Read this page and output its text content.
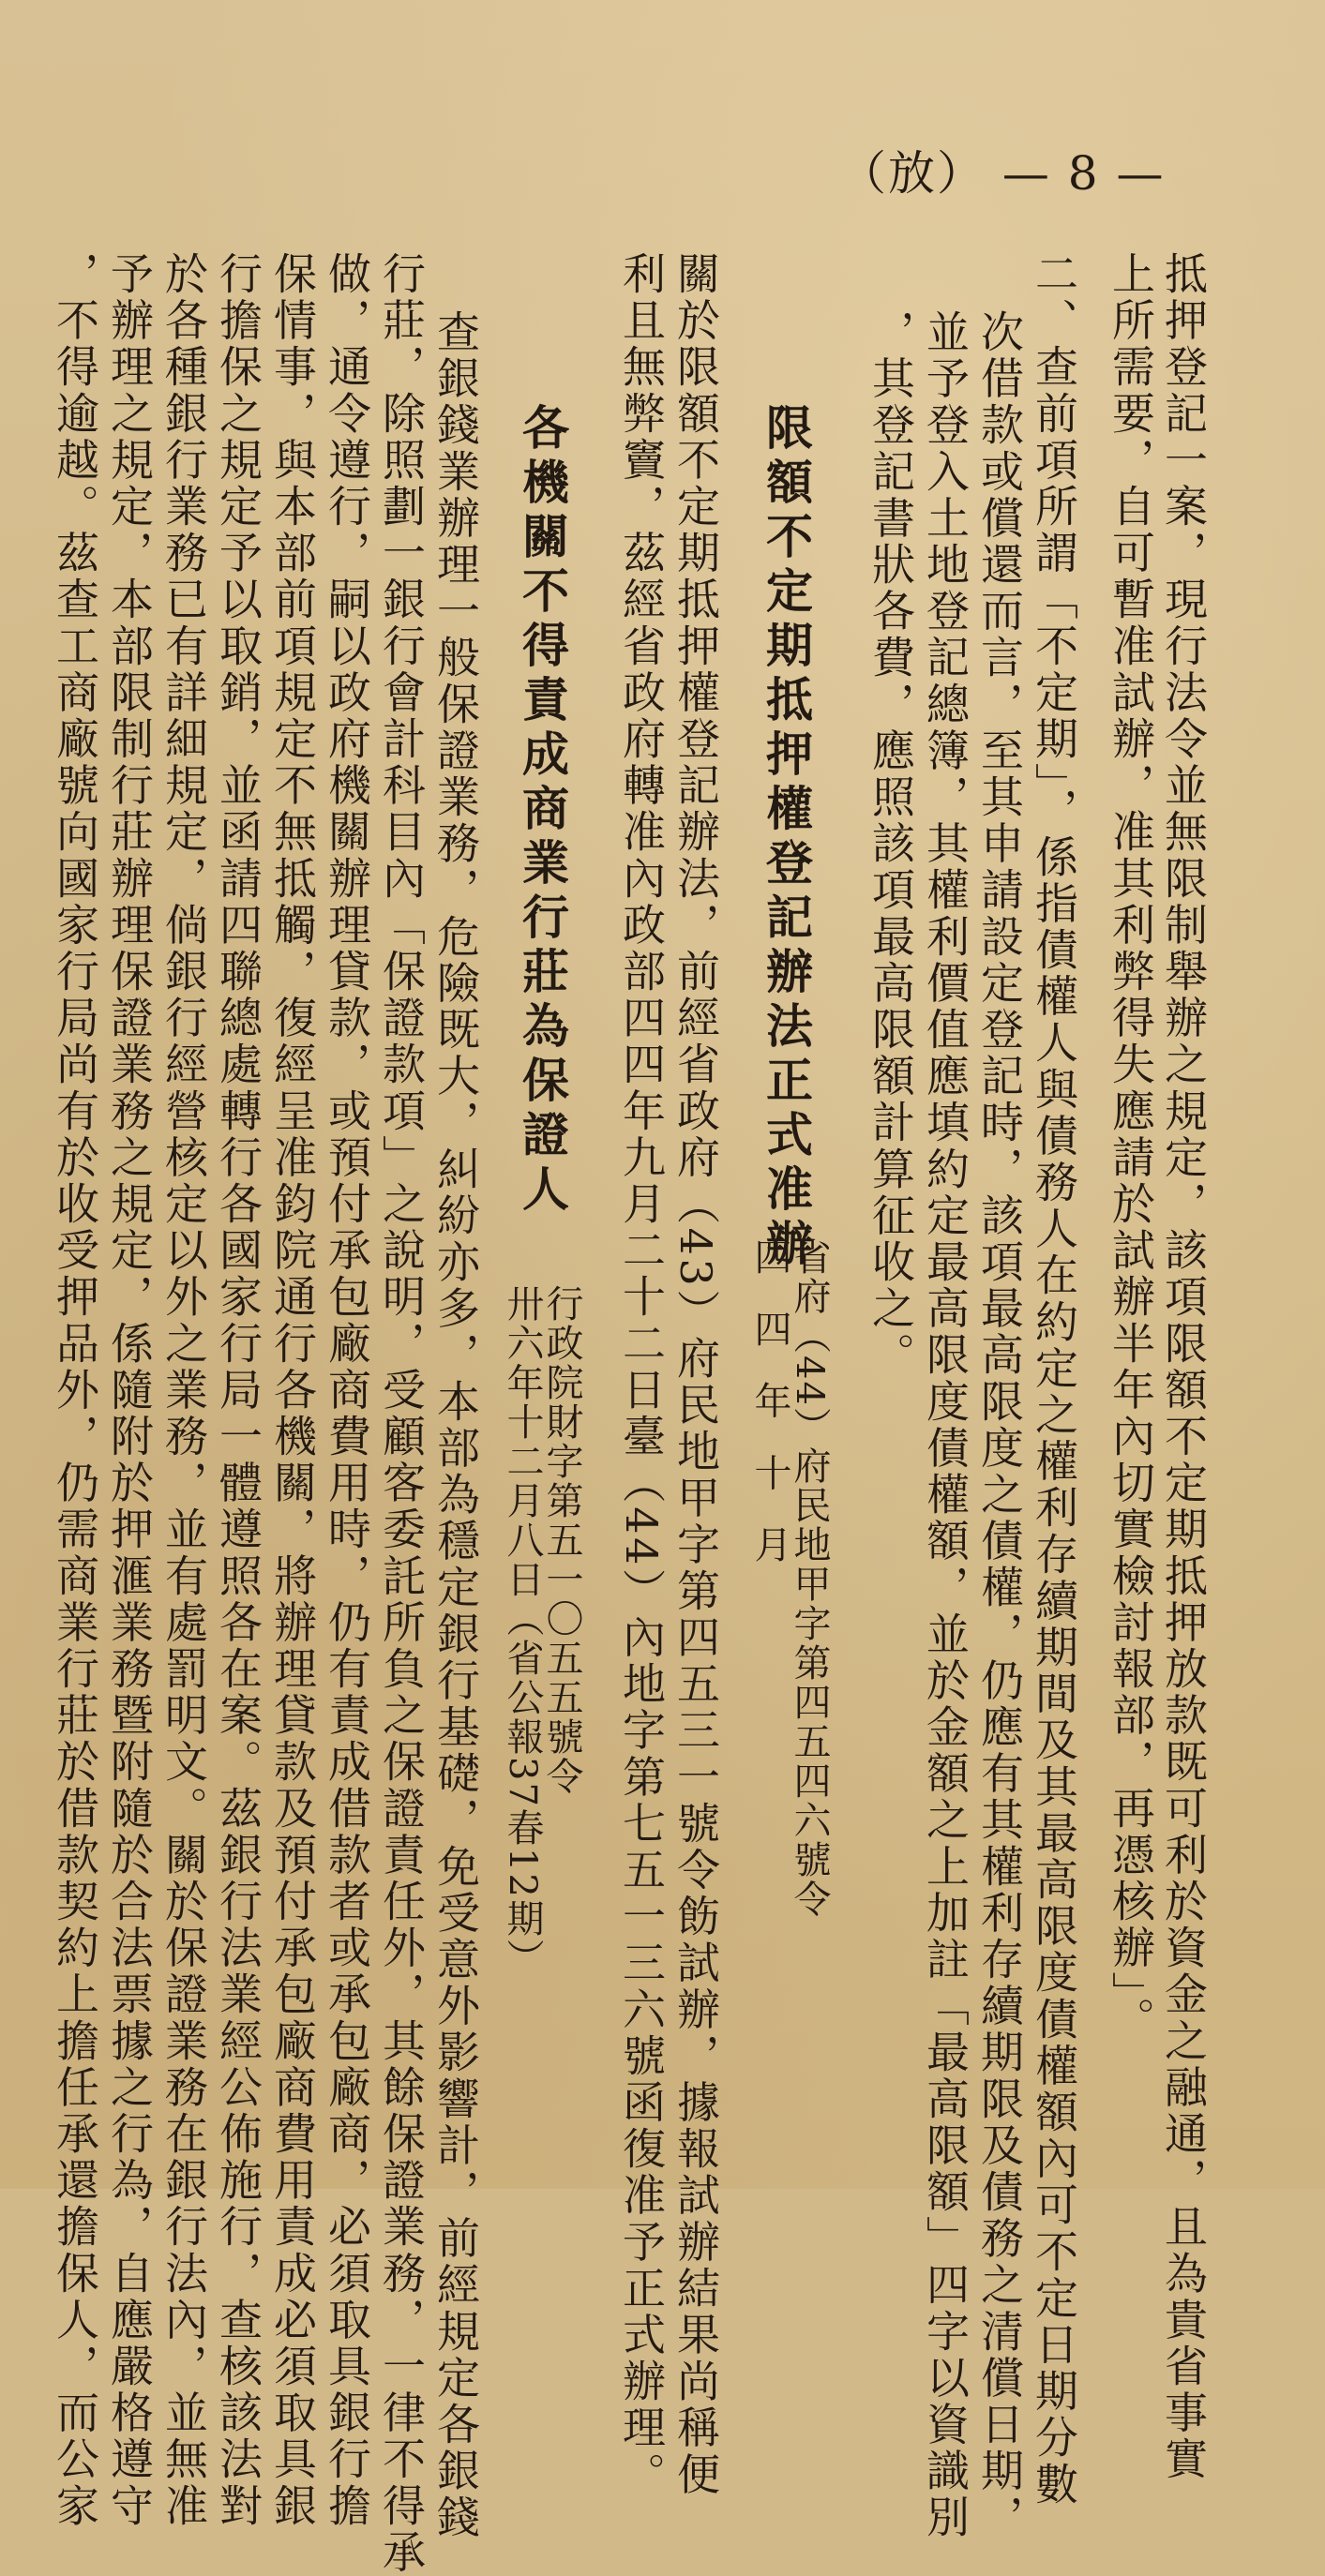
（放） — 8 —
抵押登記一案，現行法令並無限制舉辦之規定，該項限額不定期抵押放款既可利於資金之融通，且為貴省事實
上所需要，自可暫准試辦，准其利弊得失應請於試辦半年內切實檢討報部，再憑核辦」。
二、查前項所謂「不定期」，係指債權人與債務人在約定之權利存續期間及其最高限度債權額內可不定日期分數
次借款或償還而言，至其申請設定登記時，該項最高限度之債權，仍應有其權利存續期限及債務之清償日期，
並予登入土地登記總簿，其權利價值應填約定最高限度債權額，並於金額之上加註「最高限額」四字以資識別
，其登記書狀各費，應照該項最高限額計算征收之。
限額不定期抵押權登記辦法正式准辦
省府（44）府民地甲字第四五四六號令
四 四 年 十 月
關於限額不定期抵押權登記辦法，前經省政府（43）府民地甲字第四五三一號令飭試辦，據報試辦結果尚稱便
利且無弊竇，茲經省政府轉准內政部四四年九月二十二日臺（44）內地字第七五一三六號函復准予正式辦理。
各機關不得責成商業行莊為保證人
行政院財字第五一〇五五號令
卅六年十二月八日（省公報37春12期）
查銀錢業辦理一般保證業務，危險既大，糾紛亦多，本部為穩定銀行基礎，免受意外影響計，前經規定各銀錢
行莊，除照劃一銀行會計科目內「保證款項」之說明，受顧客委託所負之保證責任外，其餘保證業務，一律不得承
做，通令遵行，嗣以政府機關辦理貸款，或預付承包廠商費用時，仍有責成借款者或承包廠商，必須取具銀行擔
保情事，與本部前項規定不無抵觸，復經呈准鈞院通行各機關，將辦理貸款及預付承包廠商費用責成必須取具銀
行擔保之規定予以取銷，並函請四聯總處轉行各國家行局一體遵照各在案。茲銀行法業經公佈施行，查核該法對
於各種銀行業務已有詳細規定，倘銀行經營核定以外之業務，並有處罰明文。關於保證業務在銀行法內，並無准
予辦理之規定，本部限制行莊辦理保證業務之規定，係隨附於押滙業務暨附隨於合法票據之行為，自應嚴格遵守
，不得逾越。茲查工商廠號向國家行局尚有於收受押品外，仍需商業行莊於借款契約上擔任承還擔保人，而公家
